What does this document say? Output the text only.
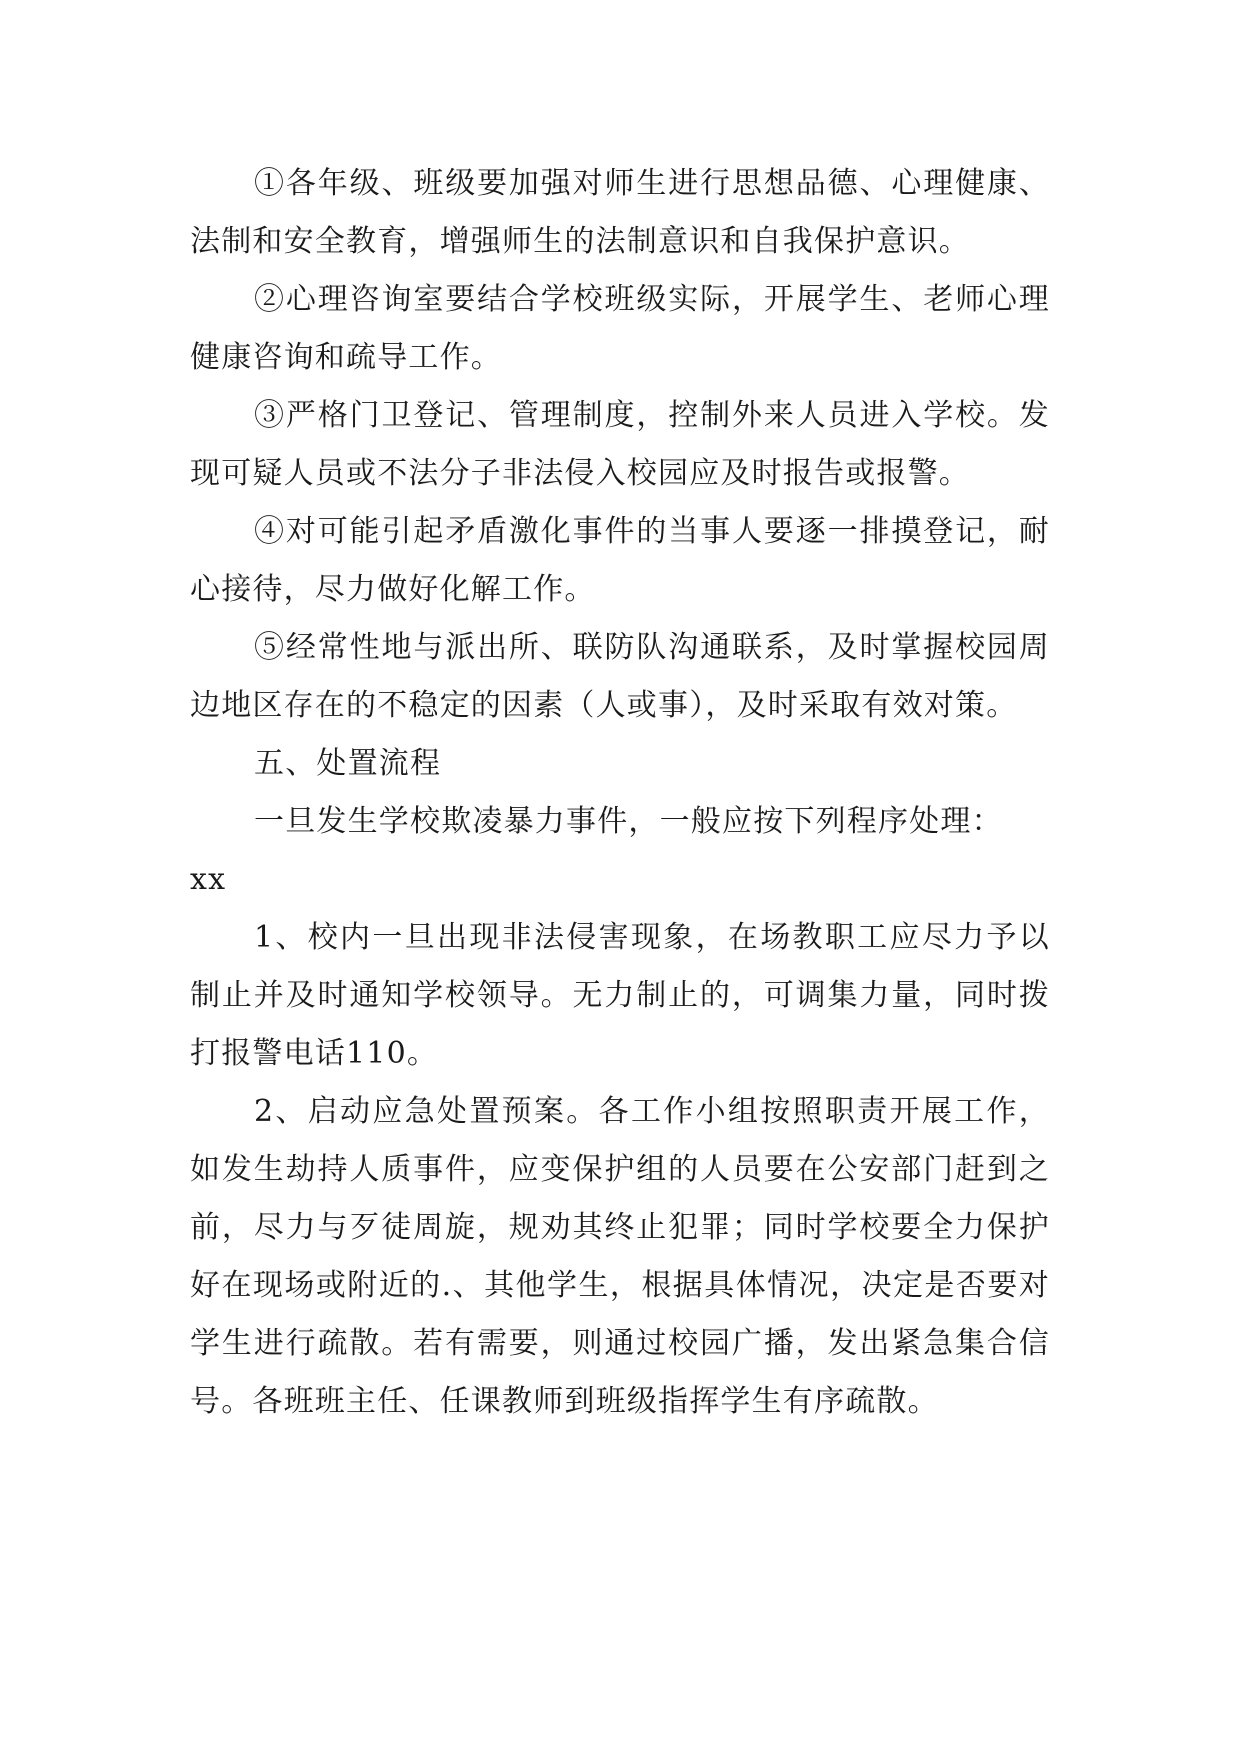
①各年级、班级要加强对师生进行思想品德、心理健康、法制和安全教育，增强师生的法制意识和自我保护意识。

②心理咨询室要结合学校班级实际，开展学生、老师心理健康咨询和疏导工作。

③严格门卫登记、管理制度，控制外来人员进入学校。发现可疑人员或不法分子非法侵入校园应及时报告或报警。

④对可能引起矛盾激化事件的当事人要逐一排摸登记，耐心接待，尽力做好化解工作。

⑤经常性地与派出所、联防队沟通联系，及时掌握校园周边地区存在的不稳定的因素（人或事），及时采取有效对策。

五、处置流程

一旦发生学校欺凌暴力事件，一般应按下列程序处理：

xx

1、校内一旦出现非法侵害现象，在场教职工应尽力予以制止并及时通知学校领导。无力制止的，可调集力量，同时拨打报警电话110。

2、启动应急处置预案。各工作小组按照职责开展工作，如发生劫持人质事件，应变保护组的人员要在公安部门赶到之前，尽力与歹徒周旋，规劝其终止犯罪；同时学校要全力保护好在现场或附近的.、其他学生，根据具体情况，决定是否要对学生进行疏散。若有需要，则通过校园广播，发出紧急集合信号。各班班主任、任课教师到班级指挥学生有序疏散。
